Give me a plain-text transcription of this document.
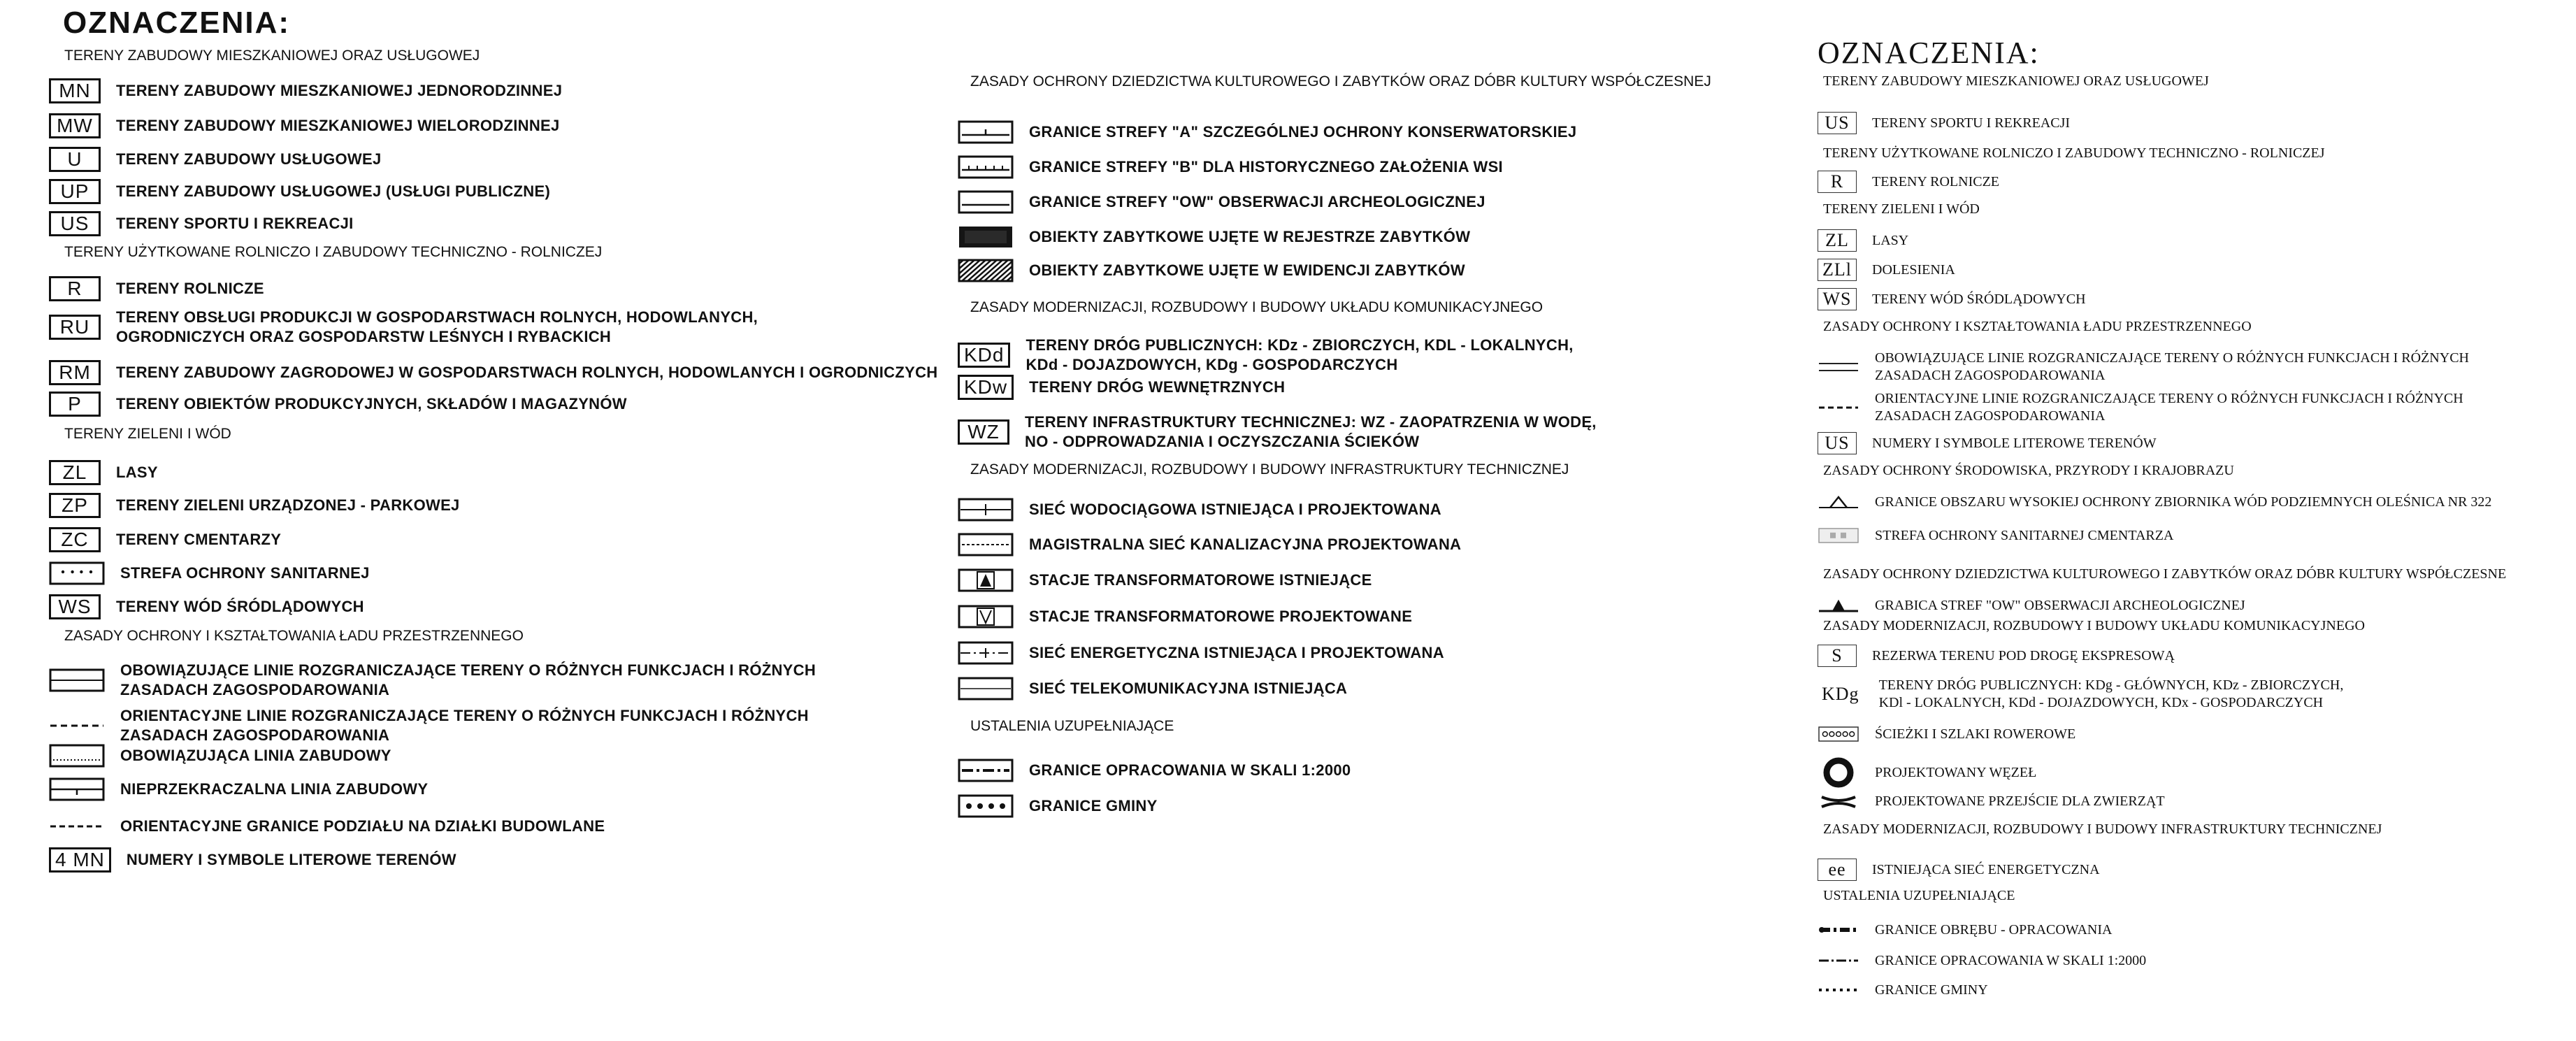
OZNACZENIA:
TERENY ZABUDOWY MIESZKANIOWEJ ORAZ USŁUGOWEJ
MN	TERENY ZABUDOWY MIESZKANIOWEJ JEDNORODZINNEJ
MW	TERENY ZABUDOWY MIESZKANIOWEJ WIELORODZINNEJ
U	TERENY ZABUDOWY USŁUGOWEJ
UP	TERENY ZABUDOWY USŁUGOWEJ (USŁUGI PUBLICZNE)
US	TERENY SPORTU I REKREACJI
TERENY UŻYTKOWANE ROLNICZO I ZABUDOWY TECHNICZNO - ROLNICZEJ
R	TERENY ROLNICZE
RU	TERENY OBSŁUGI PRODUKCJI W GOSPODARSTWACH ROLNYCH, HODOWLANYCH,
OGRODNICZYCH ORAZ GOSPODARSTW LEŚNYCH I RYBACKICH
RM	TERENY ZABUDOWY ZAGRODOWEJ W GOSPODARSTWACH ROLNYCH, HODOWLANYCH I OGRODNICZYCH
P	TERENY OBIEKTÓW PRODUKCYJNYCH, SKŁADÓW I MAGAZYNÓW
TERENY ZIELENI I WÓD
ZL	LASY
ZP	TERENY ZIELENI URZĄDZONEJ - PARKOWEJ
ZC	TERENY CMENTARZY
STREFA OCHRONY SANITARNEJ
WS	TERENY WÓD ŚRÓDLĄDOWYCH
ZASADY OCHRONY I KSZTAŁTOWANIA ŁADU PRZESTRZENNEGO
OBOWIĄZUJĄCE LINIE ROZGRANICZAJĄCE TERENY O RÓŻNYCH FUNKCJACH I RÓŻNYCH
ZASADACH ZAGOSPODAROWANIA
ORIENTACYJNE LINIE ROZGRANICZAJĄCE TERENY O RÓŻNYCH FUNKCJACH I RÓŻNYCH
ZASADACH ZAGOSPODAROWANIA
OBOWIĄZUJĄCA LINIA ZABUDOWY
NIEPRZEKRACZALNA LINIA ZABUDOWY
ORIENTACYJNE GRANICE PODZIAŁU NA DZIAŁKI BUDOWLANE
4 MN	NUMERY I SYMBOLE LITEROWE TERENÓW
ZASADY OCHRONY DZIEDZICTWA KULTUROWEGO I ZABYTKÓW ORAZ DÓBR KULTURY WSPÓŁCZESNEJ
GRANICE STREFY "A" SZCZEGÓLNEJ OCHRONY KONSERWATORSKIEJ
GRANICE STREFY "B" DLA HISTORYCZNEGO ZAŁOŻENIA WSI
GRANICE STREFY "OW" OBSERWACJI ARCHEOLOGICZNEJ
OBIEKTY ZABYTKOWE UJĘTE W REJESTRZE ZABYTKÓW
OBIEKTY ZABYTKOWE UJĘTE W EWIDENCJI ZABYTKÓW
ZASADY MODERNIZACJI, ROZBUDOWY I BUDOWY UKŁADU KOMUNIKACYJNEGO
KDd	TERENY DRÓG PUBLICZNYCH: KDz - ZBIORCZYCH, KDL - LOKALNYCH,
KDd - DOJAZDOWYCH, KDg - GOSPODARCZYCH
KDw	TERENY DRÓG WEWNĘTRZNYCH
WZ	TERENY INFRASTRUKTURY TECHNICZNEJ: WZ - ZAOPATRZENIA W WODĘ,
NO - ODPROWADZANIA I OCZYSZCZANIA ŚCIEKÓW
ZASADY MODERNIZACJI, ROZBUDOWY I BUDOWY INFRASTRUKTURY TECHNICZNEJ
SIEĆ WODOCIĄGOWA ISTNIEJĄCA I PROJEKTOWANA
MAGISTRALNA SIEĆ KANALIZACYJNA PROJEKTOWANA
STACJE TRANSFORMATOROWE ISTNIEJĄCE
STACJE TRANSFORMATOROWE PROJEKTOWANE
SIEĆ ENERGETYCZNA ISTNIEJĄCA I PROJEKTOWANA
SIEĆ TELEKOMUNIKACYJNA ISTNIEJĄCA
USTALENIA UZUPEŁNIAJĄCE
GRANICE OPRACOWANIA W SKALI 1:2000
GRANICE GMINY
OZNACZENIA:
TERENY ZABUDOWY MIESZKANIOWEJ ORAZ USŁUGOWEJ
US	TERENY SPORTU I REKREACJI
TERENY UŻYTKOWANE ROLNICZO I ZABUDOWY TECHNICZNO - ROLNICZEJ
R	TERENY ROLNICZE
TERENY ZIELENI I WÓD
ZL	LASY
ZLl	DOLESIENIA
WS	TERENY WÓD ŚRÓDLĄDOWYCH
ZASADY OCHRONY I KSZTAŁTOWANIA ŁADU PRZESTRZENNEGO
OBOWIĄZUJĄCE LINIE ROZGRANICZAJĄCE TERENY O RÓŻNYCH FUNKCJACH I RÓŻNYCH
ZASADACH ZAGOSPODAROWANIA
ORIENTACYJNE LINIE ROZGRANICZAJĄCE TERENY O RÓŻNYCH FUNKCJACH I RÓŻNYCH
ZASADACH ZAGOSPODAROWANIA
US	NUMERY I SYMBOLE LITEROWE TERENÓW
ZASADY OCHRONY ŚRODOWISKA, PRZYRODY I KRAJOBRAZU
GRANICE OBSZARU WYSOKIEJ OCHRONY ZBIORNIKA WÓD PODZIEMNYCH OLEŚNICA NR 322
STREFA OCHRONY SANITARNEJ CMENTARZA
ZASADY OCHRONY DZIEDZICTWA KULTUROWEGO I ZABYTKÓW ORAZ DÓBR KULTURY WSPÓŁCZESNE
GRABICA STREF "OW" OBSERWACJI ARCHEOLOGICZNEJ
ZASADY MODERNIZACJI, ROZBUDOWY I BUDOWY UKŁADU KOMUNIKACYJNEGO
S	REZERWA TERENU POD DROGĘ EKSPRESOWĄ
KDg	TERENY DRÓG PUBLICZNYCH: KDg - GŁÓWNYCH, KDz - ZBIORCZYCH,
KDl - LOKALNYCH, KDd - DOJAZDOWYCH, KDx - GOSPODARCZYCH
ŚCIEŻKI I SZLAKI ROWEROWE
PROJEKTOWANY WĘZEŁ
PROJEKTOWANE PRZEJŚCIE DLA ZWIERZĄT
ZASADY MODERNIZACJI, ROZBUDOWY I BUDOWY INFRASTRUKTURY TECHNICZNEJ
ee	ISTNIEJĄCA SIEĆ ENERGETYCZNA
USTALENIA UZUPEŁNIAJĄCE
GRANICE OBRĘBU - OPRACOWANIA
GRANICE OPRACOWANIA W SKALI 1:2000
GRANICE GMINY
